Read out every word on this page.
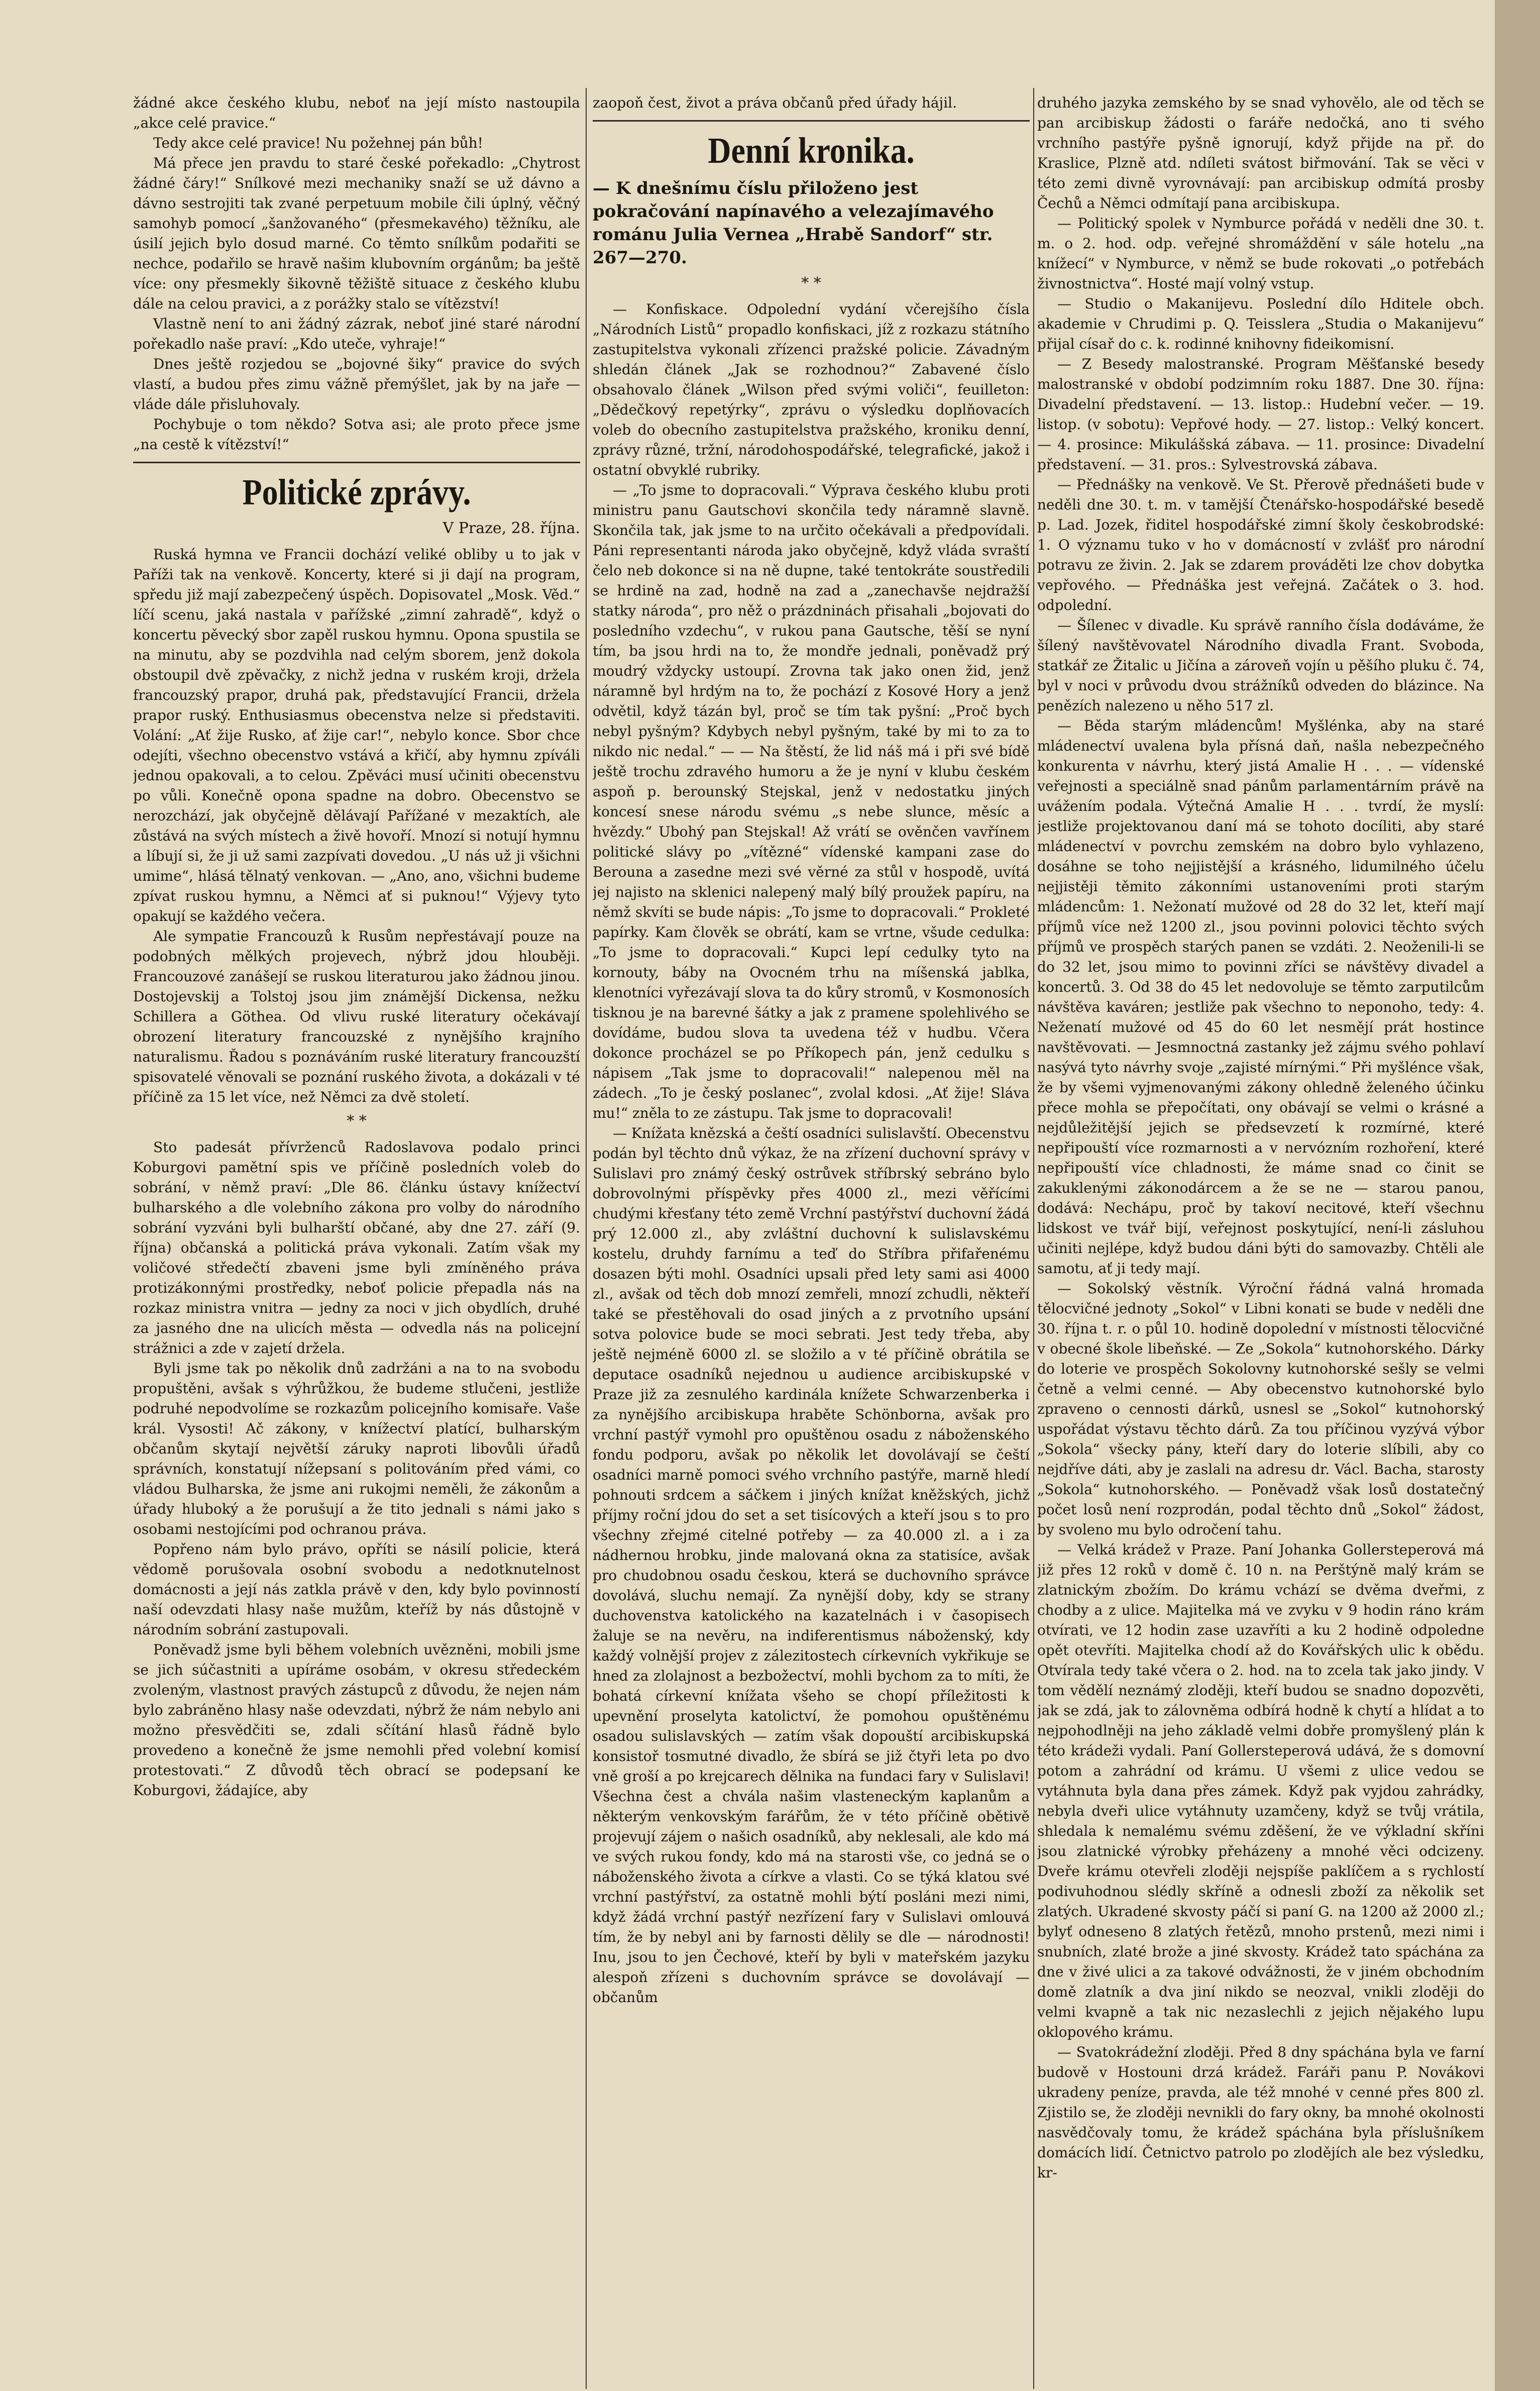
žádné akce českého klubu, neboť na její místo nastoupila „akce celé pravice.“

Tedy akce celé pravice! Nu požehnej pán bůh!

Má přece jen pravdu to staré české pořekadlo: „Chytrost žádné čáry!“ Snílkové mezi mechaniky snaží se už dávno a dávno sestrojiti tak zvané perpetuum mobile čili úplný, věčný samohyb pomocí „šanžovaného“ (přesmekavého) těžníku, ale úsilí jejich bylo dosud marné. Co těmto snílkům podařiti se nechce, podařilo se hravě našim klubovním orgánům; ba ještě více: ony přesmekly šikovně těžiště situace z českého klubu dále na celou pravici, a z porážky stalo se vítězství!

Vlastně není to ani žádný zázrak, neboť jiné staré národní pořekadlo naše praví: „Kdo uteče, vyhraje!“

Dnes ještě rozjedou se „bojovné šiky“ pravice do svých vlastí, a budou přes zimu vážně přemýšlet, jak by na jaře — vláde dále přisluhovaly.

Pochybuje o tom někdo? Sotva asi; ale proto přece jsme „na cestě k vítězství!“

Politické zprávy.
V Praze, 28. října.

Ruská hymna ve Francii dochází veliké obliby u to jak v Paříži tak na venkově. Koncerty, které si ji dají na program, spředu již mají zabezpečený úspěch. Dopisovatel „Mosk. Věd.“ líčí scenu, jaká nastala v pařížské „zimní zahradě“, když o koncertu pěvecký sbor zapěl ruskou hymnu. Opona spustila se na minutu, aby se pozdvihla nad celým sborem, jenž dokola obstoupil dvě zpěvačky, z nichž jedna v ruském kroji, držela francouzský prapor, druhá pak, představující Francii, držela prapor ruský. Enthusiasmus obecenstva nelze si představiti. Volání: „Ať žije Rusko, ať žije car!“, nebylo konce. Sbor chce odejíti, všechno obecenstvo vstává a křičí, aby hymnu zpíváli jednou opakovali, a to celou. Zpěváci musí učiniti obecenstvu po vůli. Konečně opona spadne na dobro. Obecenstvo se nerozchází, jak obyčejně dělávají Pařížané v mezaktích, ale zůstává na svých místech a živě hovoří. Mnozí si notují hymnu a líbují si, že ji už sami zazpívati dovedou. „U nás už ji všichni umime“, hlásá tělnatý venkovan. — „Ano, ano, všichni budeme zpívat ruskou hymnu, a Němci ať si puknou!“ Výjevy tyto opakují se každého večera.

Ale sympatie Francouzů k Rusům nepřestávají pouze na podobných mělkých projevech, nýbrž jdou hlouběji. Francouzové zanášejí se ruskou literaturou jako žádnou jinou. Dostojevskij a Tolstoj jsou jim známější Dickensa, nežku Schillera a Göthea. Od vlivu ruské literatury očekávají obrození literatury francouzské z nynějšího krajního naturalismu. Řadou s poznáváním ruské literatury francouzští spisovatelé věnovali se poznání ruského života, a dokázali v té příčině za 15 let více, než Němci za dvě století.

* *

Sto padesát přívrženců Radoslavova podalo princi Koburgovi pamětní spis ve příčině posledních voleb do sobrání, v němž praví: „Dle 86. článku ústavy knížectví bulharského a dle volebního zákona pro volby do národního sobrání vyzváni byli bulharští občané, aby dne 27. září (9. října) občanská a politická práva vykonali. Zatím však my voličové středečtí zbaveni jsme byli zmíněného práva protizákonnými prostředky, neboť policie přepadla nás na rozkaz ministra vnitra — jedny za noci v jich obydlích, druhé za jasného dne na ulicích města — odvedla nás na policejní strážnici a zde v zajetí držela.

Byli jsme tak po několik dnů zadržáni a na to na svobodu propuštěni, avšak s výhrůžkou, že budeme stlučeni, jestliže podruhé nepodvolíme se rozkazům policejního komisaře. Vaše král. Vysosti! Ač zákony, v knížectví platící, bulharským občanům skytají největší záruky naproti libovůli úřadů správních, konstatují nížepsaní s politováním před vámi, co vládou Bulharska, že jsme ani rukojmi neměli, že zákonům a úřady hluboký a že porušují a že tito jednali s námi jako s osobami nestojícími pod ochranou práva.

Popřeno nám bylo právo, opříti se násilí policie, která vědomě porušovala osobní svobodu a nedotknutelnost domácnosti a její nás zatkla právě v den, kdy bylo povinností naší odevzdati hlasy naše mužům, kteříž by nás důstojně v národním sobrání zastupovali.

Poněvadž jsme byli během volebních uvězněni, mobili jsme se jich súčastniti a upíráme osobám, v okresu středeckém zvoleným, vlastnost pravých zástupců z důvodu, že nejen nám bylo zabráněno hlasy naše odevzdati, nýbrž že nám nebylo ani možno přesvědčiti se, zdali sčítání hlasů řádně bylo provedeno a konečně že jsme nemohli před volební komisí protestovati.“ Z důvodů těch obrací se podepsaní ke Koburgovi, žádajíce, aby

zaopoň čest, život a práva občanů před úřady hájil.

Denní kronika.

— K dnešnímu číslu přiloženo jest pokračování napínavého a velezajímavého románu Julia Vernea „Hrabě Sandorf“ str. 267—270.

* *

— Konfiskace. Odpolední vydání včerejšího čísla „Národních Listů“ propadlo konfiskaci, jíž z rozkazu státního zastupitelstva vykonali zřízenci pražské policie. Závadným shledán článek „Jak se rozhodnou?“ Zabavené číslo obsahovalo článek „Wilson před svými voliči“, feuilleton: „Dědečkový repetýrky“, zprávu o výsledku doplňovacích voleb do obecního zastupitelstva pražského, kroniku denní, zprávy různé, tržní, národohospodářské, telegrafické, jakož i ostatní obvyklé rubriky.

— „To jsme to dopracovali.“ Výprava českého klubu proti ministru panu Gautschovi skončila tedy náramně slavně. Skončila tak, jak jsme to na určito očekávali a předpovídali. Páni representanti národa jako obyčejně, když vláda svraští čelo neb dokonce si na ně dupne, také tentokráte soustředili se hrdině na zad, hodně na zad a „zanechavše nejdražší statky národa“, pro něž o prázdninách přisahali „bojovati do posledního vzdechu“, v rukou pana Gautsche, těší se nyní tím, ba jsou hrdi na to, že mondře jednali, poněvadž prý moudrý vždycky ustoupí. Zrovna tak jako onen žid, jenž náramně byl hrdým na to, že pochází z Kosové Hory a jenž odvětil, když tázán byl, proč se tím tak pyšní: „Proč bych nebyl pyšným? Kdybych nebyl pyšným, také by mi to za to nikdo nic nedal.“ — — Na štěstí, že lid náš má i při své bídě ještě trochu zdravého humoru a že je nyní v klubu českém aspoň p. berounský Stejskal, jenž v nedostatku jiných koncesí snese národu svému „s nebe slunce, měsíc a hvězdy.“ Ubohý pan Stejskal! Až vrátí se ověnčen vavřínem politické slávy po „vítězné“ vídenské kampani zase do Berouna a zasedne mezi své věrné za stůl v hospodě, uvítá jej najisto na sklenici nalepený malý bílý proužek papíru, na němž skvíti se bude nápis: „To jsme to dopracovali.“ Prokleté papírky. Kam člověk se obrátí, kam se vrtne, všude cedulka: „To jsme to dopracovali.“ Kupci lepí cedulky tyto na kornouty, báby na Ovocném trhu na míšenská jablka, klenotníci vyřezávají slova ta do kůry stromů, v Kosmonosích tisknou je na barevné šátky a jak z pramene spolehlivého se dovídáme, budou slova ta uvedena též v hudbu. Včera dokonce procházel se po Příkopech pán, jenž cedulku s nápisem „Tak jsme to dopracovali!“ nalepenou měl na zádech. „To je český poslanec“, zvolal kdosi. „Ať žije! Sláva mu!“ zněla to ze zástupu. Tak jsme to dopracovali!

— Knížata knězská a čeští osadníci sulislavští. Obecenstvu podán byl těchto dnů výkaz, že na zřízení duchovní správy v Sulislavi pro známý český ostrůvek stříbrský sebráno bylo dobrovolnými příspěvky přes 4000 zl., mezi věřícími chudými křesťany této země Vrchní pastýřství duchovní žádá prý 12.000 zl., aby zvláštní duchovní k sulislavskému kostelu, druhdy farnímu a teď do Stříbra přifařenému dosazen býti mohl. Osadníci upsali před lety sami asi 4000 zl., avšak od těch dob mnozí zemřeli, mnozí zchudli, někteří také se přestěhovali do osad jiných a z prvotního upsání sotva polovice bude se moci sebrati. Jest tedy třeba, aby ještě nejméně 6000 zl. se složilo a v té příčině obrátila se deputace osadníků nejednou u audience arcibiskupské v Praze již za zesnulého kardinála knížete Schwarzenberka i za nynějšího arcibiskupa hraběte Schönborna, avšak pro vrchní pastýř vymohl pro opuštěnou osadu z náboženského fondu podporu, avšak po několik let dovolávají se čeští osadníci marně pomoci svého vrchního pastýře, marně hledí pohnouti srdcem a sáčkem i jiných knížat kněžských, jichž příjmy roční jdou do set a set tisícových a kteří jsou s to pro všechny zřejmé citelné potřeby — za 40.000 zl. a i za nádhernou hrobku, jinde malovaná okna za statisíce, avšak pro chudobnou osadu českou, která se duchovního správce dovolává, sluchu nemají. Za nynější doby, kdy se strany duchovenstva katolického na kazatelnách i v časopisech žaluje se na nevěru, na indiferentismus náboženský, kdy každý volnější projev z zálezitostech církevních vykřikuje se hned za zlolajnost a bezbožectví, mohli bychom za to míti, že bohatá církevní knížata všeho se chopí příležitosti k upevnění proselyta katolictví, že pomohou opuštěnému osadou sulislavských — zatím však dopouští arcibiskupská konsistoř tosmutné divadlo, že sbírá se již čtyři leta po dvo vně groší a po krejcarech dělnika na fundaci fary v Sulislavi! Všechna čest a chvála našim vlasteneckým kaplanům a některým venkovským farářům, že v této příčině obětivě projevují zájem o našich osadníků, aby neklesali, ale kdo má ve svých rukou fondy, kdo má na starosti vše, co jedná se o náboženského života a církve a vlasti. Co se týká klatou své vrchní pastýřství, za ostatně mohli býtí posláni mezi nimi, když žádá vrchní pastýř nezřízení fary v Sulislavi omlouvá tím, že by nebyl ani by farnosti dělily se dle — národnosti! Inu, jsou to jen Čechové, kteří by byli v mateřském jazyku alespoň zřízeni s duchovním správce se dovolávají — občanům

druhého jazyka zemského by se snad vyhovělo, ale od těch se pan arcibiskup žádosti o faráře nedočká, ano ti svého vrchního pastýře pyšně ignorují, když přijde na př. do Kraslice, Plzně atd. ndíleti svátost biřmování. Tak se věci v této zemi divně vyrovnávají: pan arcibiskup odmítá prosby Čechů a Němci odmítají pana arcibiskupa.

— Politický spolek v Nymburce pořádá v neděli dne 30. t. m. o 2. hod. odp. veřejné shromáždění v sále hotelu „na knížecí“ v Nymburce, v němž se bude rokovati „o potřebách živnostnictva“. Hosté mají volný vstup.

— Studio o Makanijevu. Poslední dílo Hditele obch. akademie v Chrudimi p. Q. Teisslera „Studia o Makanijevu“ přijal císař do c. k. rodinné knihovny fideikomisní.

— Z Besedy malostranské. Program Měšťanské besedy malostranské v období podzimním roku 1887. Dne 30. října: Divadelní představení. — 13. listop.: Hudební večer. — 19. listop. (v sobotu): Vepřové hody. — 27. listop.: Velký koncert. — 4. prosince: Mikulášská zábava. — 11. prosince: Divadelní představení. — 31. pros.: Sylvestrovská zábava.

— Přednášky na venkově. Ve St. Přerově přednášeti bude v neděli dne 30. t. m. v tamější Čtenářsko-hospodářské besedě p. Lad. Jozek, řiditel hospodářské zimní školy českobrodské: 1. O významu tuko v ho v domácností v zvlášť pro národní potravu ze živin. 2. Jak se zdarem prováděti lze chov dobytka vepřového. — Přednáška jest veřejná. Začátek o 3. hod. odpolední.

— Šílenec v divadle. Ku správě ranního čísla dodáváme, že šílený navštěvovatel Národního divadla Frant. Svoboda, statkář ze Žitalic u Jičína a zároveň vojín u pěšího pluku č. 74, byl v noci v průvodu dvou strážníků odveden do blázince. Na penězích nalezeno u něho 517 zl.

— Běda starým mládencům! Myšlénka, aby na staré mládenectví uvalena byla přísná daň, našla nebezpečného konkurenta v návrhu, který jistá Amalie H . . . — vídenské veřejnosti a speciálně snad pánům parlamentárním právě na uvážením podala. Výtečná Amalie H . . . tvrdí, že myslí: jestliže projektovanou daní má se tohoto docíliti, aby staré mládenectví v povrchu zemském na dobro bylo vyhlazeno, dosáhne se toho nejjistější a krásného, lidumilného účelu nejjistěji těmito zákonními ustanoveními proti starým mládencům: 1. Nežonatí mužové od 28 do 32 let, kteří mají příjmů více než 1200 zl., jsou povinni polovici těchto svých příjmů ve prospěch starých panen se vzdáti. 2. Neoženili-li se do 32 let, jsou mimo to povinni zříci se návštěvy divadel a koncertů. 3. Od 38 do 45 let nedovoluje se těmto zarputilcům návštěva kaváren; jestliže pak všechno to neponoho, tedy: 4. Neženatí mužové od 45 do 60 let nesmějí prát hostince navštěvovati. — Jesmnoctná zastanky jež zájmu svého pohlaví nasývá tyto návrhy svoje „zajisté mírnými.“ Při myšlénce však, že by všemi vyjmenovanými zákony ohledně želeného účinku přece mohla se přepočítati, ony obávají se velmi o krásné a nejdůležitější jejich se předsevzetí k rozmírné, které nepřipouští více rozmarnosti a v nervózním rozhoření, které nepřipouští více chladnosti, že máme snad co činit se zakuklenými zákonodárcem a že se ne — starou panou, dodává: Nechápu, proč by takoví necitové, kteří všechnu lidskost ve tvář bijí, veřejnost poskytující, není-li zásluhou učiniti nejlépe, když budou dáni býti do samovazby. Chtěli ale samotu, ať ji tedy mají.

— Sokolský věstník. Výroční řádná valná hromada tělocvičné jednoty „Sokol“ v Libni konati se bude v neděli dne 30. října t. r. o půl 10. hodině dopolední v místnosti tělocvičné v obecné škole libeňské. — Ze „Sokola“ kutnohorského. Dárky do loterie ve prospěch Sokolovny kutnohorské sešly se velmi četně a velmi cenné. — Aby obecenstvo kutnohorské bylo zpraveno o cennosti dárků, usnesl se „Sokol“ kutnohorský uspořádat výstavu těchto dárů. Za tou příčinou vyzývá výbor „Sokola“ všecky pány, kteří dary do loterie slíbili, aby co nejdříve dáti, aby je zaslali na adresu dr. Václ. Bacha, starosty „Sokola“ kutnohorského. — Poněvadž však losů dostatečný počet losů není rozprodán, podal těchto dnů „Sokol“ žádost, by svoleno mu bylo odročení tahu.

— Velká krádež v Praze. Paní Johanka Gollersteperová má již přes 12 roků v domě č. 10 n. na Perštýně malý krám se zlatnickým zbožím. Do krámu vchází se dvěma dveřmi, z chodby a z ulice. Majitelka má ve zvyku v 9 hodin ráno krám otvírati, ve 12 hodin zase uzavříti a ku 2 hodině odpoledne opět otevříti. Majitelka chodí až do Kovářských ulic k obědu. Otvírala tedy také včera o 2. hod. na to zcela tak jako jindy. V tom vědělí neznámý zloději, kteří budou se snadno dopozvěti, jak se zdá, jak to zálovněma odbírá hodně k chytí a hlídat a to nejpohodlněji na jeho základě velmi dobře promyšlený plán k této krádeži vydali. Paní Gollersteperová udává, že s domovní potom a zahrádní od krámu. U všemi z ulice vedou se vytáhnuta byla dana přes zámek. Když pak vyjdou zahrádky, nebyla dveři ulice vytáhnuty uzamčeny, když se tvůj vrátila, shledala k nemalému svému zděšení, že ve výkladní skříni jsou zlatnické výrobky přeházeny a mnohé věci odcizeny. Dveře krámu otevřeli zloději nejspíše paklíčem a s rychlostí podivuhodnou slédly skříně a odnesli zboží za několik set zlatých. Ukradené skvosty páčí si paní G. na 1200 až 2000 zl.; bylyť odneseno 8 zlatých řetězů, mnoho prstenů, mezi nimi i snubních, zlaté brože a jiné skvosty. Krádež tato spáchána za dne v živé ulici a za takové odvážnosti, že v jiném obchodním domě zlatník a dva jiní nikdo se neozval, vnikli zloději do velmi kvapně a tak nic nezaslechli z jejich nějakého lupu oklopového krámu.

— Svatokrádežní zloději. Před 8 dny spáchána byla ve farní budově v Hostouni drzá krádež. Faráři panu P. Novákovi ukradeny peníze, pravda, ale též mnohé v cenné přes 800 zl. Zjistilo se, že zloději nevnikli do fary okny, ba mnohé okolnosti nasvědčovaly tomu, že krádež spáchána byla příslušníkem domácích lidí. Četnictvo patrolo po zlodějích ale bez výsledku, kr-
